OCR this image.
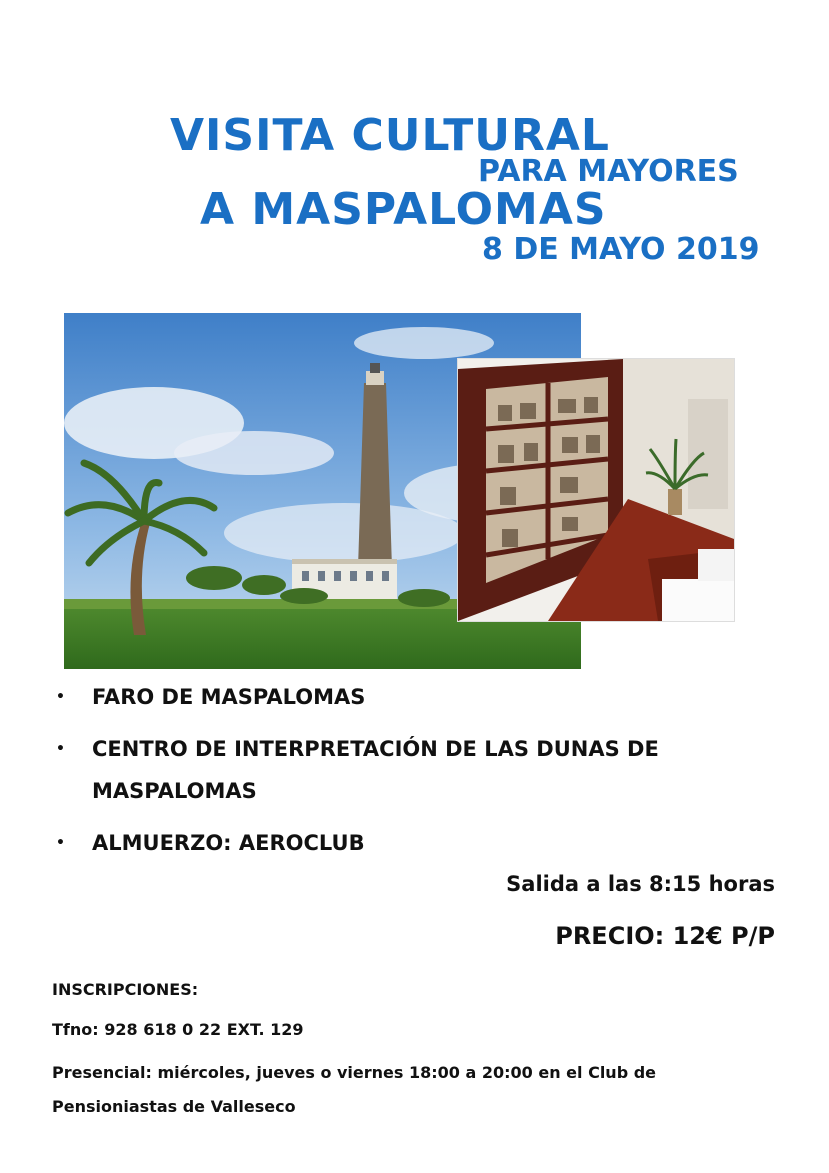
VISITA CULTURAL
PARA MAYORES
A MASPALOMAS
8 DE MAYO 2019
• FARO DE MASPALOMAS
• CENTRO DE INTERPRETACIÓN DE LAS DUNAS DE MASPALOMAS
• ALMUERZO: AEROCLUB
Salida a las 8:15 horas
PRECIO: 12€ P/P
INSCRIPCIONES:
Tfno: 928 618 0 22 EXT. 129
Presencial: miércoles, jueves o viernes 18:00 a 20:00 en el Club de Pensioniastas de Valleseco
